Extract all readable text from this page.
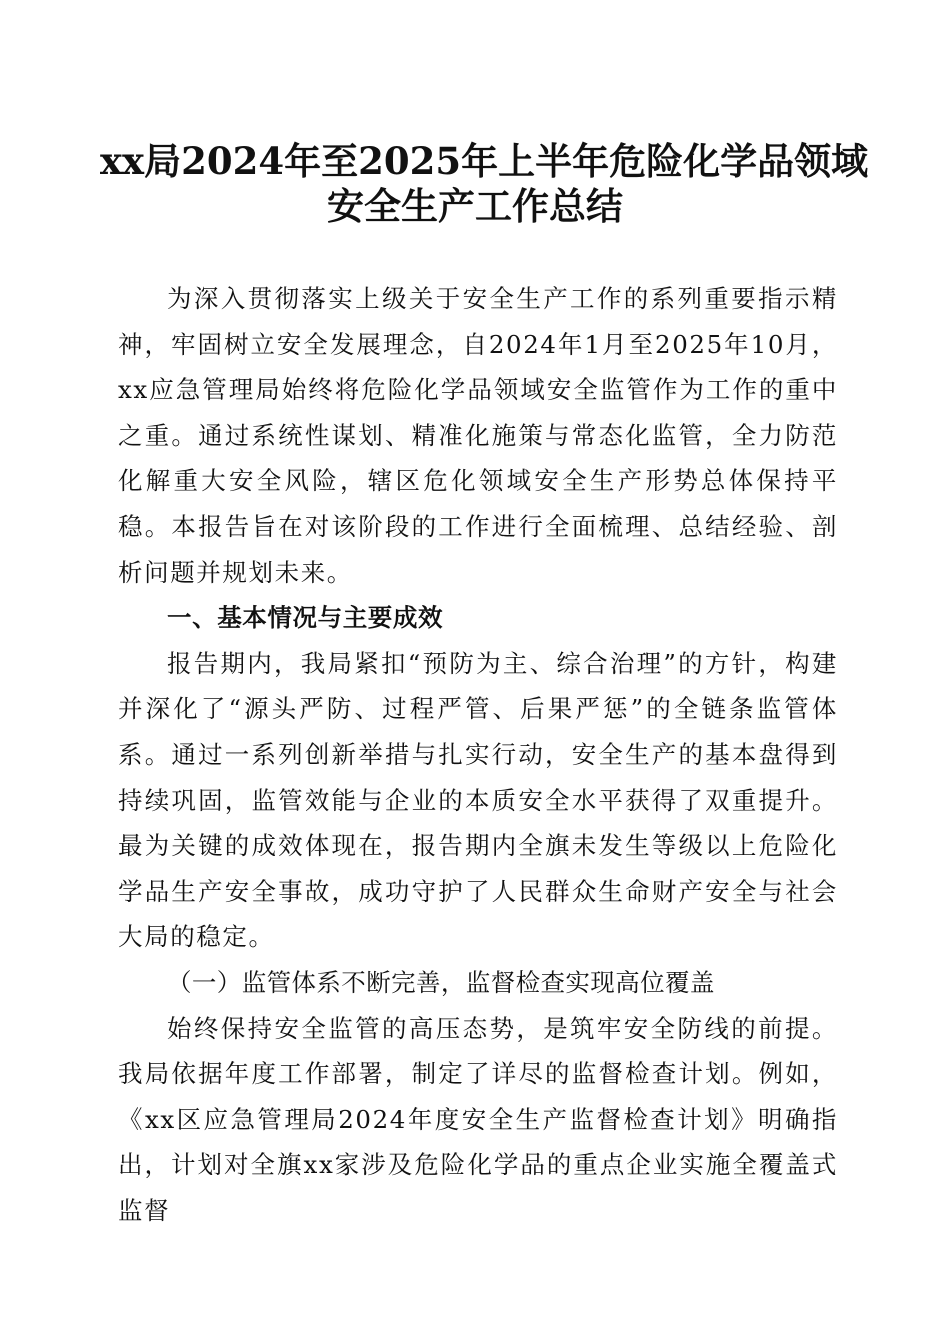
xx局2024年至2025年上半年危险化学品领域
安全生产工作总结

为深入贯彻落实上级关于安全生产工作的系列重要指示精神，牢固树立安全发展理念，自2024年1月至2025年10月，xx应急管理局始终将危险化学品领域安全监管作为工作的重中之重。通过系统性谋划、精准化施策与常态化监管，全力防范化解重大安全风险，辖区危化领域安全生产形势总体保持平稳。本报告旨在对该阶段的工作进行全面梳理、总结经验、剖析问题并规划未来。

一、基本情况与主要成效

报告期内，我局紧扣“预防为主、综合治理”的方针，构建并深化了“源头严防、过程严管、后果严惩”的全链条监管体系。通过一系列创新举措与扎实行动，安全生产的基本盘得到持续巩固，监管效能与企业的本质安全水平获得了双重提升。最为关键的成效体现在，报告期内全旗未发生等级以上危险化学品生产安全事故，成功守护了人民群众生命财产安全与社会大局的稳定。

（一）监管体系不断完善，监督检查实现高位覆盖

始终保持安全监管的高压态势，是筑牢安全防线的前提。我局依据年度工作部署，制定了详尽的监督检查计划。例如，《xx区应急管理局2024年度安全生产监督检查计划》明确指出，计划对全旗xx家涉及危险化学品的重点企业实施全覆盖式监督
